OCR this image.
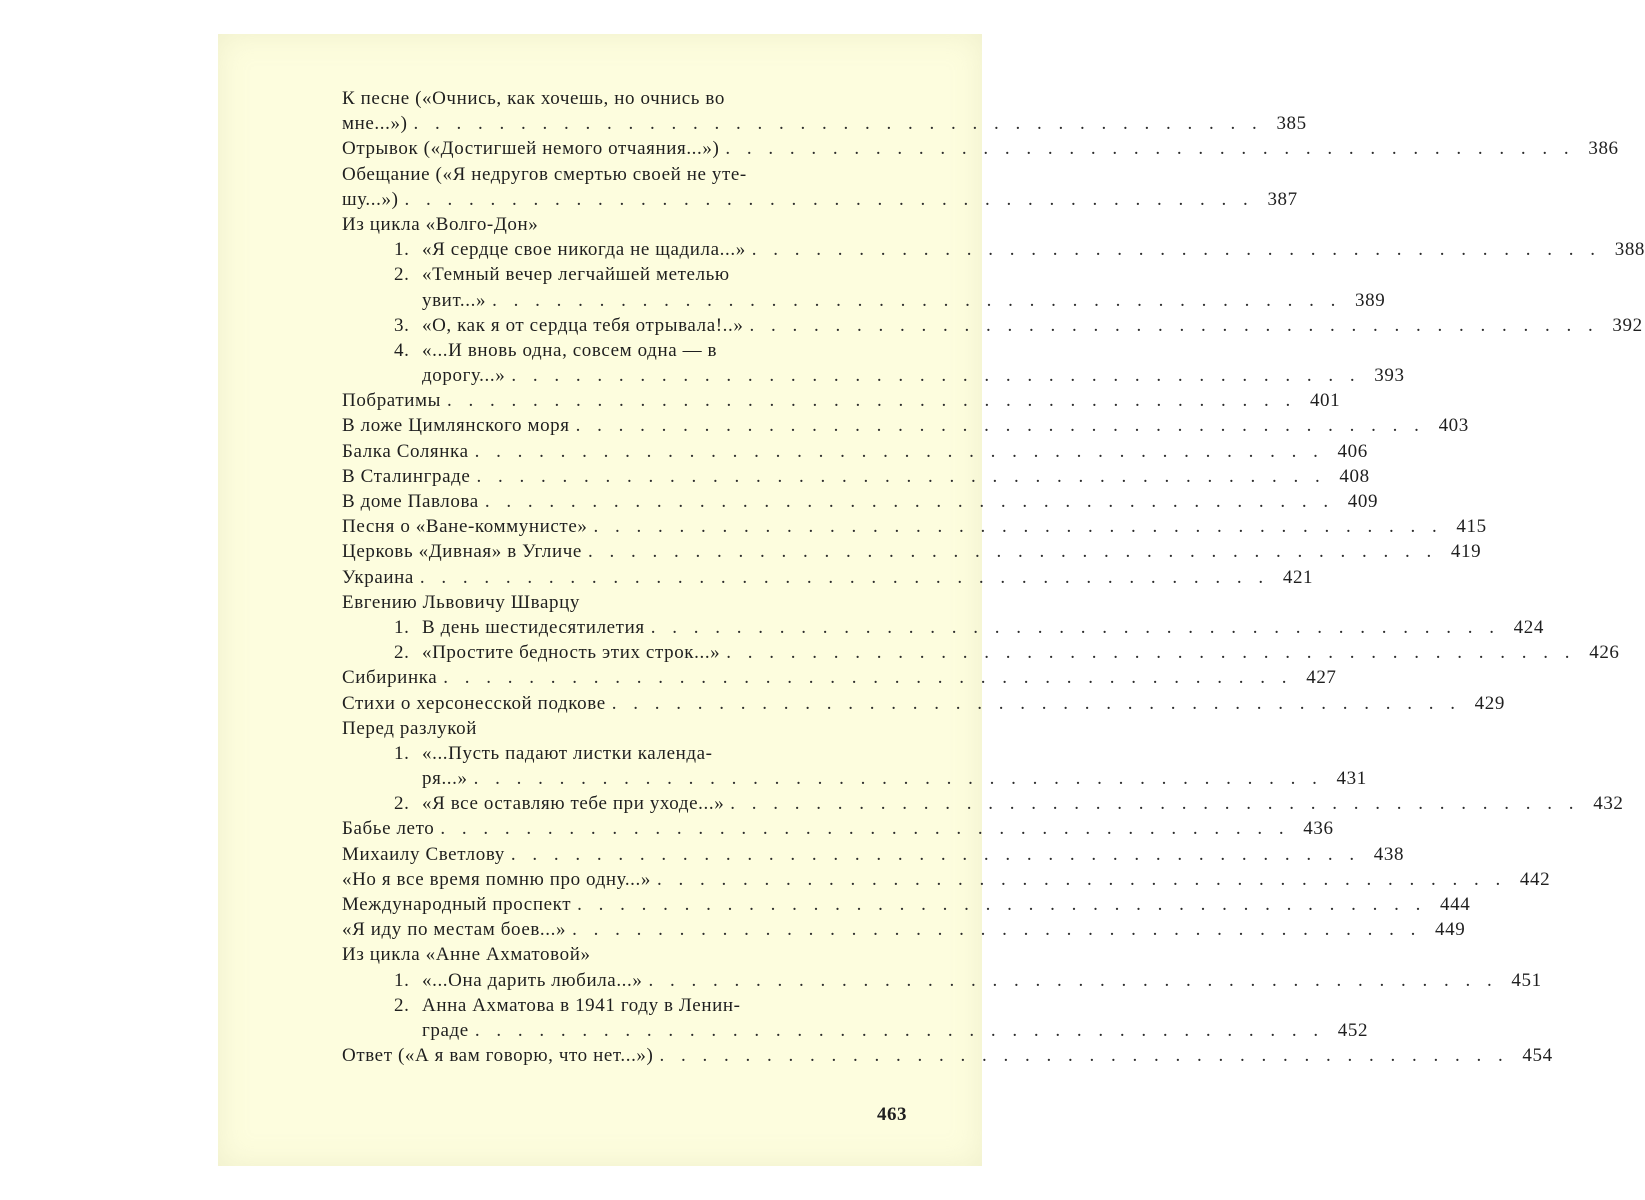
К песне («Очнись, как хочешь, но очнись во
мне...») . . .	385
Отрывок («Достигшей немого отчаяния...») . . .	386
Обещание («Я недругов смертью своей не уте-
шу...») . . .	387
Из цикла «Волго-Дон»
1. «Я сердце свое никогда не щадила...» . . .	388
2. «Темный вечер легчайшей метелью
увит...» . . .	389
3. «О, как я от сердца тебя отрывала!..» . . .	392
4. «...И вновь одна, совсем одна — в
дорогу...» . . .	393
Побратимы . . .	401
В ложе Цимлянского моря . . .	403
Балка Солянка . . .	406
В Сталинграде . . .	408
В доме Павлова . . .	409
Песня о «Ване-коммунисте» . . .	415
Церковь «Дивная» в Угличе . . .	419
Украина . . .	421
Евгению Львовичу Шварцу
1. В день шестидесятилетия . . .	424
2. «Простите бедность этих строк...» . . .	426
Сибиринка . . .	427
Стихи о херсонесской подкове . . .	429
Перед разлукой
1. «...Пусть падают листки календа-
ря...» . . .	431
2. «Я все оставляю тебе при уходе...» . . .	432
Бабье лето . . .	436
Михаилу Светлову . . .	438
«Но я все время помню про одну...» . . .	442
Международный проспект . . .	444
«Я иду по местам боев...» . . .	449
Из цикла «Анне Ахматовой»
1. «...Она дарить любила...» . . .	451
2. Анна Ахматова в 1941 году в Ленин-
граде . . .	452
Ответ («А я вам говорю, что нет...») . . .	454
463
